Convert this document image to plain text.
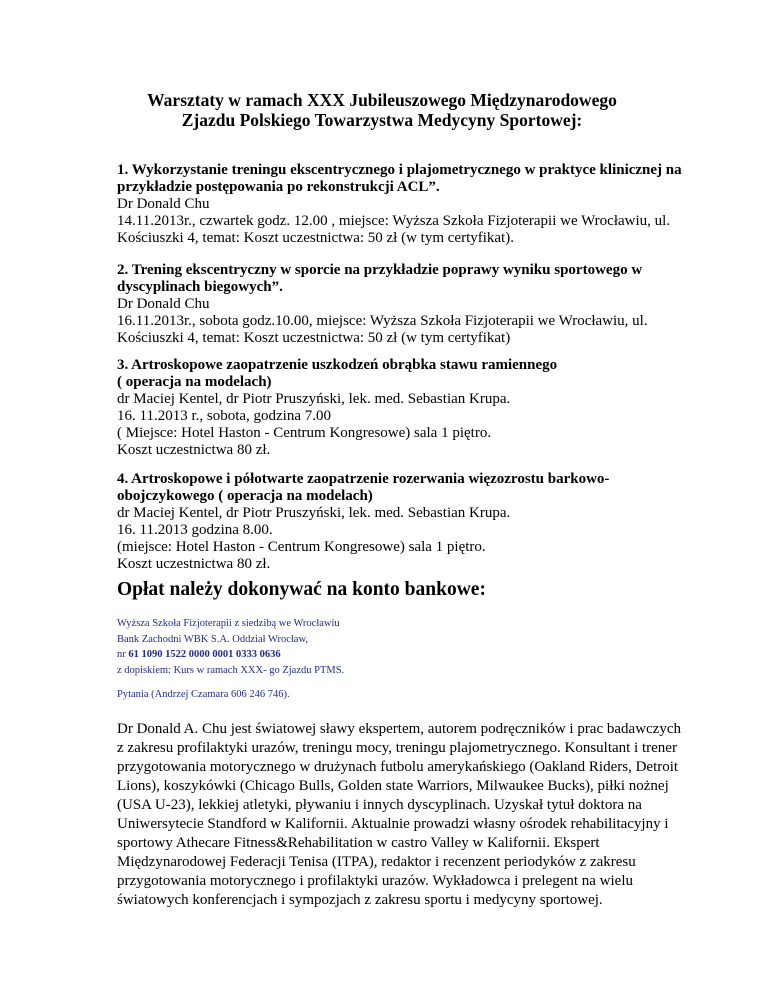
Warsztaty w ramach XXX Jubileuszowego Międzynarodowego
Zjazdu Polskiego Towarzystwa Medycyny Sportowej:
1. Wykorzystanie treningu ekscentrycznego i plajometrycznego w praktyce klinicznej na
przykładzie postępowania po rekonstrukcji ACL”.
Dr Donald Chu
14.11.2013r., czwartek godz. 12.00 , miejsce: Wyższa Szkoła Fizjoterapii we Wrocławiu, ul.
Kościuszki 4, temat: Koszt uczestnictwa: 50 zł (w tym certyfikat).
2. Trening ekscentryczny w sporcie na przykładzie poprawy wyniku sportowego w
dyscyplinach biegowych”.
Dr Donald Chu
16.11.2013r., sobota godz.10.00, miejsce: Wyższa Szkoła Fizjoterapii we Wrocławiu, ul.
Kościuszki 4, temat: Koszt uczestnictwa: 50 zł (w tym certyfikat)
3. Artroskopowe zaopatrzenie uszkodzeń obrąbka stawu ramiennego
( operacja na modelach)
dr Maciej Kentel, dr Piotr Pruszyński, lek. med. Sebastian Krupa.
16. 11.2013 r., sobota, godzina 7.00
( Miejsce: Hotel Haston - Centrum Kongresowe) sala 1 piętro.
Koszt uczestnictwa 80 zł.
4. Artroskopowe i półotwarte zaopatrzenie rozerwania więzozrostu barkowo-
obojczykowego ( operacja na modelach)
dr Maciej Kentel, dr Piotr Pruszyński, lek. med. Sebastian Krupa.
16. 11.2013 godzina 8.00.
(miejsce: Hotel Haston - Centrum Kongresowe) sala 1 piętro.
Koszt uczestnictwa 80 zł.
Opłat należy dokonywać na konto bankowe:
Wyższa Szkoła Fizjoterapii z siedzibą we Wrocławiu
Bank Zachodni WBK S.A. Oddział Wrocław,
nr 61 1090 1522 0000 0001 0333 0636
z dopiskiem: Kurs w ramach XXX- go Zjazdu PTMS.
Pytania (Andrzej Czamara 606 246 746).
Dr Donald A. Chu jest światowej sławy ekspertem, autorem podręczników i prac badawczych
z zakresu profilaktyki urazów, treningu mocy, treningu plajometrycznego. Konsultant i trener
przygotowania motorycznego w drużynach futbolu amerykańskiego (Oakland Riders, Detroit
Lions), koszykówki (Chicago Bulls, Golden state Warriors, Milwaukee Bucks), piłki nożnej
(USA U-23), lekkiej atletyki, pływaniu i innych dyscyplinach. Uzyskał tytuł doktora na
Uniwersytecie Standford w Kalifornii. Aktualnie prowadzi własny ośrodek rehabilitacyjny i
sportowy Athecare Fitness&Rehabilitation w castro Valley w Kalifornii. Ekspert
Międzynarodowej Federacji Tenisa (ITPA), redaktor i recenzent periodyków z zakresu
przygotowania motorycznego i profilaktyki urazów. Wykładowca i prelegent na wielu
światowych konferencjach i sympozjach z zakresu sportu i medycyny sportowej.
